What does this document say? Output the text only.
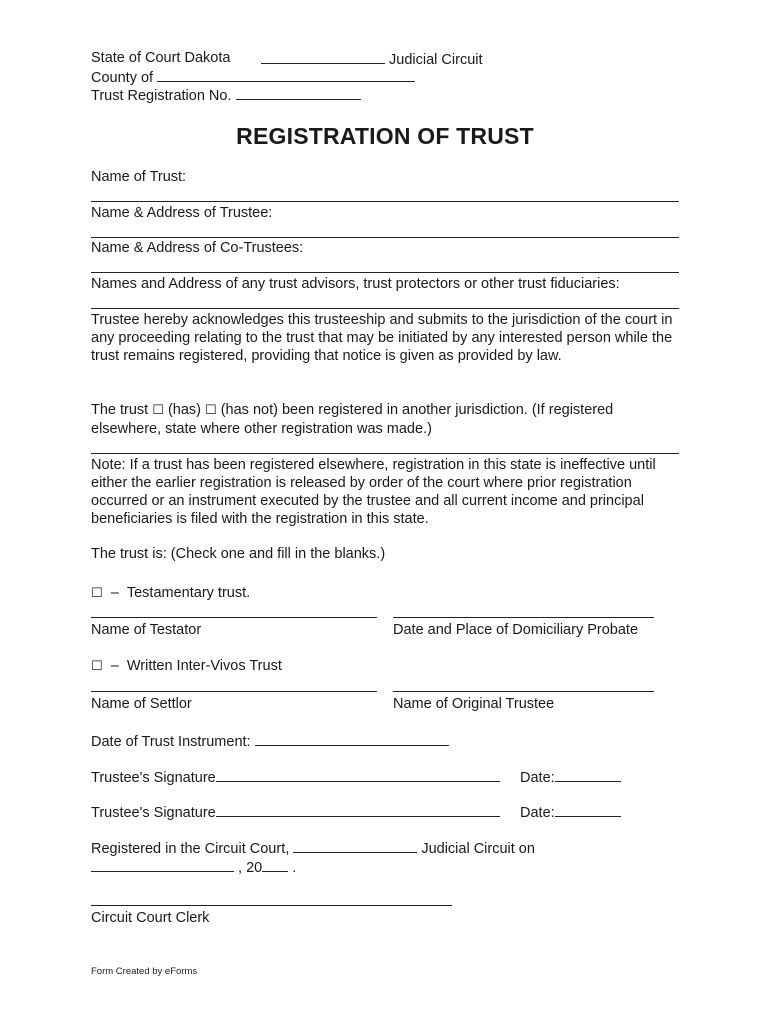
State of Court Dakota	Judicial Circuit
County of
Trust Registration No.
REGISTRATION OF TRUST
Name of Trust:
Name & Address of Trustee:
Name & Address of Co-Trustees:
Names and Address of any trust advisors, trust protectors or other trust fiduciaries:
Trustee hereby acknowledges this trusteeship and submits to the jurisdiction of the court in any proceeding relating to the trust that may be initiated by any interested person while the trust remains registered, providing that notice is given as provided by law.
The trust ☐ (has) ☐ (has not) been registered in another jurisdiction. (If registered
elsewhere, state where other registration was made.)
Note: If a trust has been registered elsewhere, registration in this state is ineffective until either the earlier registration is released by order of the court where prior registration occurred or an instrument executed by the trustee and all current income and principal beneficiaries is filed with the registration in this state.
The trust is: (Check one and fill in the blanks.)
☐ – Testamentary trust.
Name of Testator	Date and Place of Domiciliary Probate
☐ – Written Inter-Vivos Trust
Name of Settlor	Name of Original Trustee
Date of Trust Instrument:
Trustee's Signature	Date:
Trustee's Signature	Date:
Registered in the Circuit Court,	Judicial Circuit on
, 20 .
Circuit Court Clerk
Form Created by eForms
